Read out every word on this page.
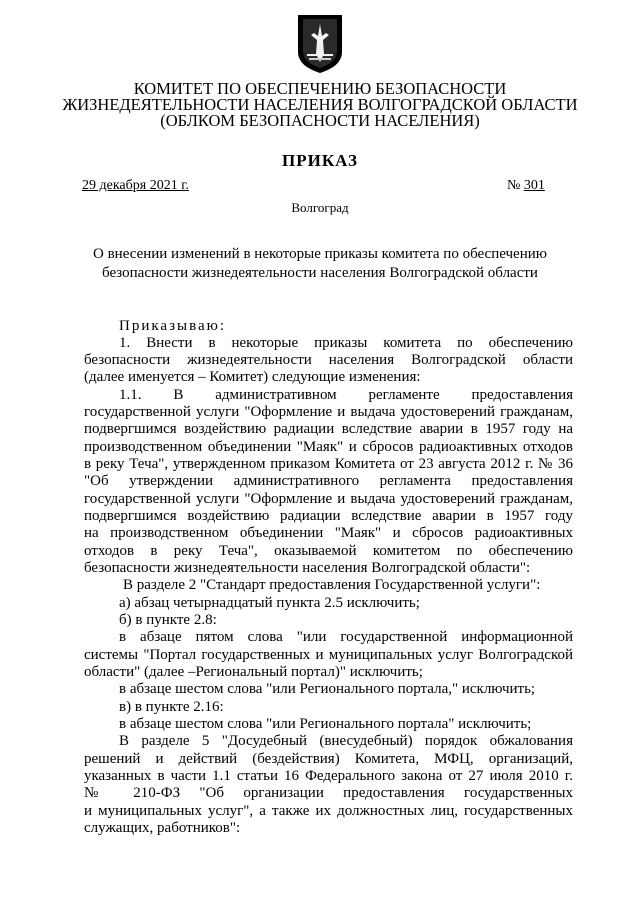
КОМИТЕТ ПО ОБЕСПЕЧЕНИЮ БЕЗОПАСНОСТИ
ЖИЗНЕДЕЯТЕЛЬНОСТИ НАСЕЛЕНИЯ ВОЛГОГРАДСКОЙ ОБЛАСТИ
(ОБЛКОМ БЕЗОПАСНОСТИ НАСЕЛЕНИЯ)
ПРИКАЗ
29 декабря 2021 г.	№ 301
Волгоград
О внесении изменений в некоторые приказы комитета по обеспечению
безопасности жизнедеятельности населения Волгоградской области
Приказываю:
1. Внести в некоторые приказы комитета по обеспечению
безопасности жизнедеятельности населения Волгоградской области
(далее именуется – Комитет) следующие изменения:
1.1. В административном регламенте предоставления
государственной услуги "Оформление и выдача удостоверений гражданам,
подвергшимся воздействию радиации вследствие аварии в 1957 году на
производственном объединении "Маяк" и сбросов радиоактивных отходов
в реку Теча", утвержденном приказом Комитета от 23 августа 2012 г. № 36
"Об утверждении административного регламента предоставления
государственной услуги "Оформление и выдача удостоверений гражданам,
подвергшимся воздействию радиации вследствие аварии в 1957 году
на производственном объединении "Маяк" и сбросов радиоактивных
отходов в реку Теча", оказываемой комитетом по обеспечению
безопасности жизнедеятельности населения Волгоградской области":
В разделе 2 "Стандарт предоставления Государственной услуги":
а) абзац четырнадцатый пункта 2.5 исключить;
б) в пункте 2.8:
в абзаце пятом слова "или государственной информационной
системы "Портал государственных и муниципальных услуг Волгоградской
области" (далее –Региональный портал)" исключить;
в абзаце шестом слова "или Регионального портала," исключить;
в) в пункте 2.16:
в абзаце шестом слова "или Регионального портала" исключить;
В разделе 5 "Досудебный (внесудебный) порядок обжалования
решений и действий (бездействия) Комитета, МФЦ, организаций,
указанных в части 1.1 статьи 16 Федерального закона от 27 июля 2010 г.
№ 210-ФЗ "Об организации предоставления государственных
и муниципальных услуг", а также их должностных лиц, государственных
служащих, работников":
